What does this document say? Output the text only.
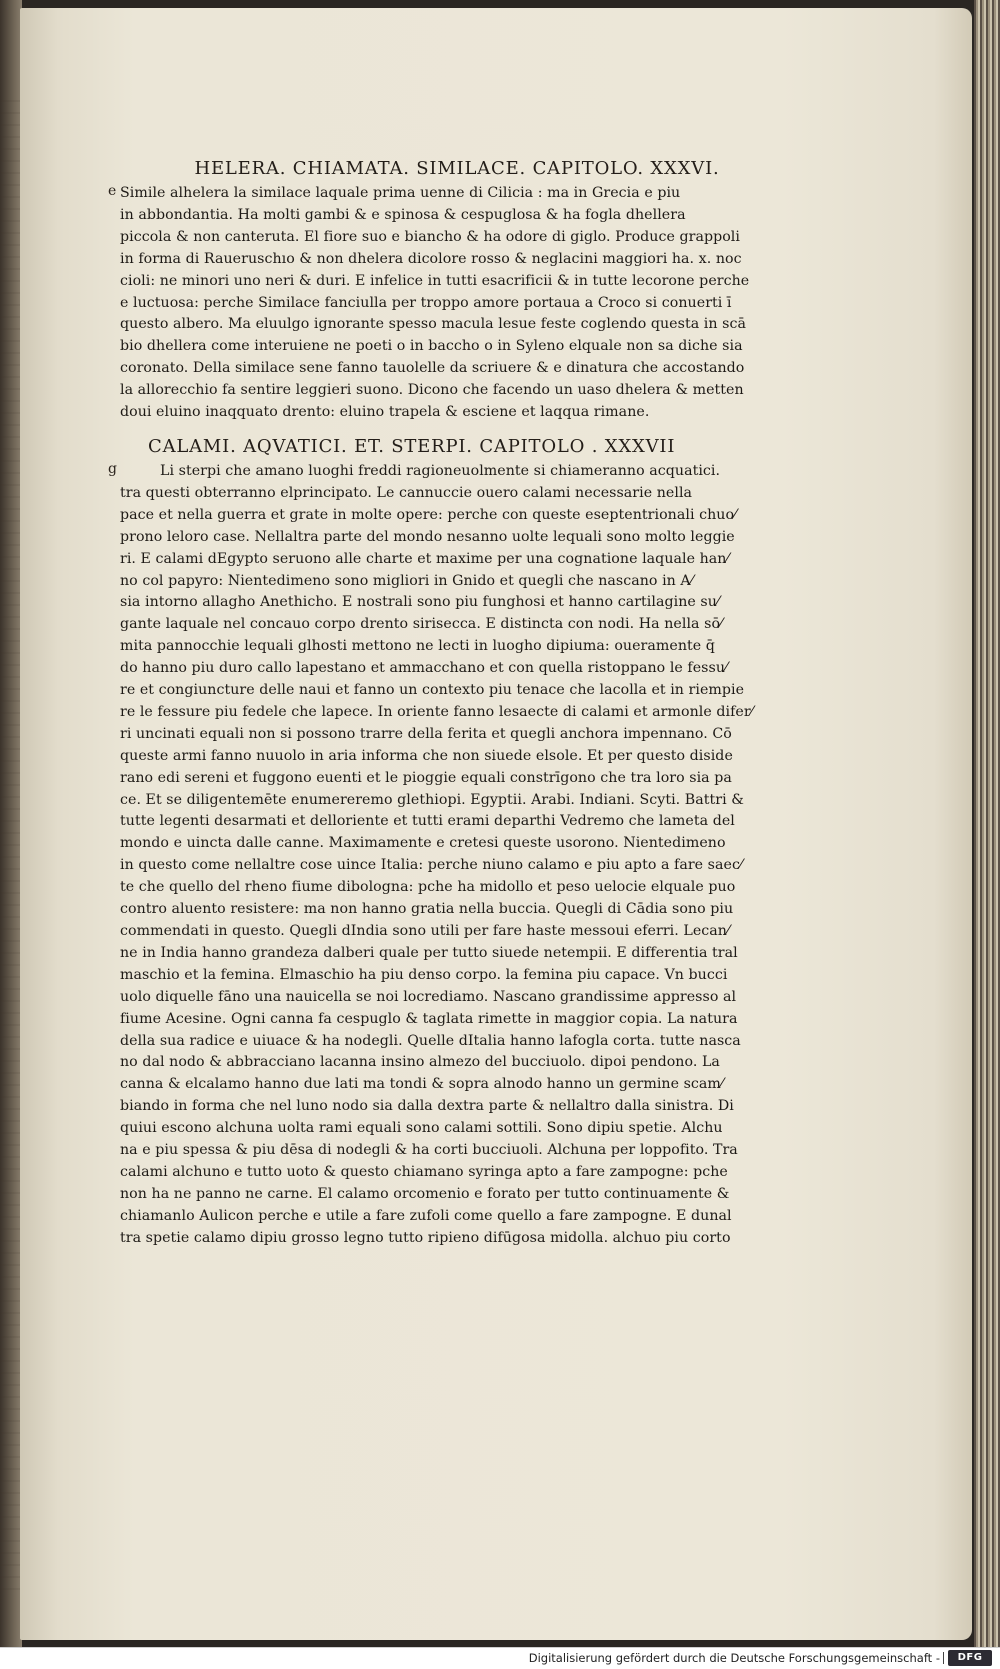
HELERA. CHIAMATA. SIMILACE. CAPITOLO. XXXVI.
e Simile alhelera la similace laquale prima uenne di Cilicia : ma in Grecia e piu
in abbondantia. Ha molti gambi & e spinosa & cespuglosa & ha fogla dhellera
piccola & non canteruta. El fiore suo e biancho & ha odore di giglo. Produce grappoli
in forma di Raueruschıo & non dhelera dicolore rosso & neglacini maggiori ha. x. noc
cioli: ne minori uno neri & duri. E infelice in tutti esacrificii & in tutte lecorone perche
e luctuosa: perche Similace fanciulla per troppo amore portaua a Croco si conuerti ī
questo albero. Ma eluulgo ignorante spesso macula lesue feste coglendo questa in scā
bio dhellera come interuiene ne poeti o in baccho o in Syleno elquale non sa diche sia
coronato. Della similace sene fanno tauolelle da scriuere & e dinatura che accostando
la allorecchio fa sentire leggieri suono. Dicono che facendo un uaso dhelera & metten
doui eluino inaqquato drento: eluino trapela & esciene et laqqua rimane.
CALAMI. AQVATICI. ET. STERPI. CAPITOLO . XXXVII
g	Li sterpi che amano luoghi freddi ragioneuolmente si chiameranno acquatici.
tra questi obterranno elprincipato. Le cannuccie ouero calami necessarie nella
pace et nella guerra et grate in molte opere: perche con queste eseptentrionali chuo⁄
prono leloro case. Nellaltra parte del mondo nesanno uolte lequali sono molto leggie
ri. E calami dEgypto seruono alle charte et maxime per una cognatione laquale han⁄
no col papyro: Nientedimeno sono migliori in Gnido et quegli che nascano in A⁄
sia intorno allagho Anethicho. E nostrali sono piu funghosi et hanno cartilagine su⁄
gante laquale nel concauo corpo drento sirisecca. E distincta con nodi. Ha nella sō⁄
mita pannocchie lequali glhosti mettono ne lecti in luogho dipiuma: oueramente q̄
do hanno piu duro callo lapestano et ammacchano et con quella ristoppano le fessu⁄
re et congiuncture delle naui et fanno un contexto piu tenace che lacolla et in riempie
re le fessure piu fedele che lapece. In oriente fanno lesaecte di calami et armonle difer⁄
ri uncinati equali non si possono trarre della ferita et quegli anchora impennano. Cō
queste armi fanno nuuolo in aria informa che non siuede elsole. Et per questo diside
rano edi sereni et fuggono euenti et le pioggie equali constrīgono che tra loro sia pa
ce. Et se diligentemēte enumereremo glethiopi. Egyptii. Arabi. Indiani. Scyti. Battri &
tutte legenti desarmati et delloriente et tutti erami departhi Vedremo che lameta del
mondo e uincta dalle canne. Maximamente e cretesi queste usorono. Nientedimeno
in questo come nellaltre cose uince Italia: perche niuno calamo e piu apto a fare saec⁄
te che quello del rheno fiume dibologna: pche ha midollo et peso uelocie elquale puo
contro aluento resistere: ma non hanno gratia nella buccia. Quegli di Cādia sono piu
commendati in questo. Quegli dIndia sono utili per fare haste messoui eferri. Lecan⁄
ne in India hanno grandeza dalberi quale per tutto siuede netempii. E differentia tral
maschio et la femina. Elmaschio ha piu denso corpo. la femina piu capace. Vn bucci
uolo diquelle fāno una nauicella se noi locrediamo. Nascano grandissime appresso al
fiume Acesine. Ogni canna fa cespuglo & taglata rimette in maggior copia. La natura
della sua radice e uiuace & ha nodegli. Quelle dItalia hanno lafogla corta. tutte nasca
no dal nodo & abbracciano lacanna insino almezo del bucciuolo. dipoi pendono. La
canna & elcalamo hanno due lati ma tondi & sopra alnodo hanno un germine scam⁄
biando in forma che nel luno nodo sia dalla dextra parte & nellaltro dalla sinistra. Di
quiui escono alchuna uolta rami equali sono calami sottili. Sono dipiu spetie. Alchu
na e piu spessa & piu dēsa di nodegli & ha corti bucciuoli. Alchuna per loppofito. Tra
calami alchuno e tutto uoto & questo chiamano syringa apto a fare zampogne: pche
non ha ne panno ne carne. El calamo orcomenio e forato per tutto continuamente &
chiamanlo Aulicon perche e utile a fare zufoli come quello a fare zampogne. E dunal
tra spetie calamo dipiu grosso legno tutto ripieno difūgosa midolla. alchuo piu corto
Digitalisierung gefördert durch die Deutsche Forschungsgemeinschaft -	DFG
